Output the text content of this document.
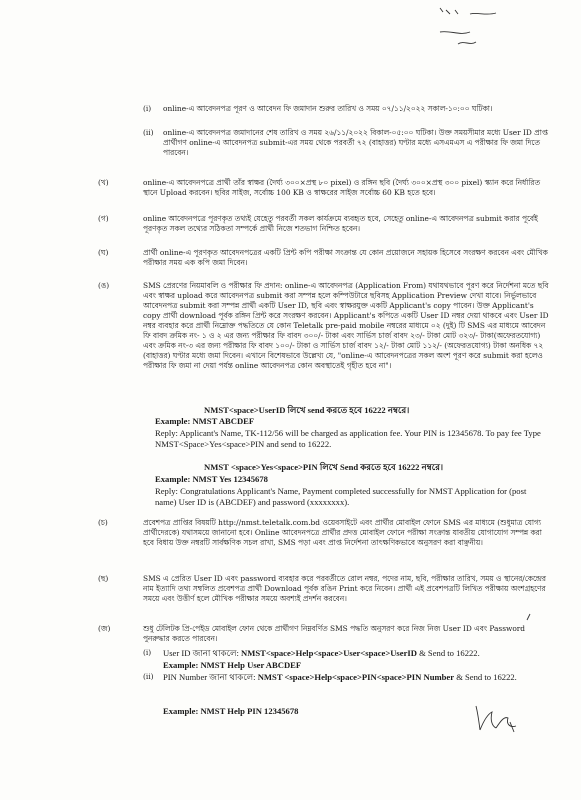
(i)	online-এ আবেদনপত্র পূরণ ও আবেদন ফি জমাদান শুরুর তারিখ ও সময় ০৭/১১/২০২২ সকাল-১০:০০ ঘটিকা।
(ii)	online-এ আবেদনপত্র জমাদানের শেষ তারিখ ও সময় ২৬/১১/২০২২ বিকাল-০৫:০০ ঘটিকা। উক্ত সময়সীমার মধ্যে User ID প্রাপ্ত প্রার্থীগণ online-এ আবেদনপত্র submit-এর সময় থেকে পরবর্তী ৭২ (বাহাত্তর) ঘণ্টার মধ্যে এসএমএস এ পরীক্ষার ফি জমা দিতে পারবেন।
(খ)	online-এ আবেদনপত্রে প্রার্থী তাঁর স্বাক্ষর (দৈর্ঘ্য ৩০০×প্রস্থ ৮০ pixel) ও রঙ্গিন ছবি (দৈর্ঘ্য ৩০০×প্রস্থ ৩০০ pixel) স্ক্যান করে নির্ধারিত স্থানে Upload করবেন। ছবির সাইজ, সর্বোচ্চ 100 KB ও স্বাক্ষরের সাইজ সর্বোচ্চ 60 KB হতে হবে।
(গ)	online আবেদনপত্রে পূরণকৃত তথ্যই যেহেতু পরবর্তী সকল কার্যক্রমে ব্যবহৃত হবে, সেহেতু online-এ আবেদনপত্র submit করার পূর্বেই পূরণকৃত সকল তথ্যের সঠিকতা সম্পর্কে প্রার্থী নিজে শতভাগ নিশ্চিত হবেন।
(ঘ)	প্রার্থী online-এ পূরণকৃত আবেদনপত্রের একটি প্রিন্ট কপি পরীক্ষা সংক্রান্ত যে কোন প্রয়োজনে সহায়ক হিসেবে সংরক্ষণ করবেন এবং মৌখিক পরীক্ষার সময় এক কপি জমা দিবেন।
(ঙ)	SMS প্রেরণের নিয়মাবলি ও পরীক্ষার ফি প্রদান: online-এ আবেদনপত্র (Application From) যথাযথভাবে পূরণ করে নির্দেশনা মতে ছবি এবং স্বাক্ষর upload করে আবেদনপত্র submit করা সম্পন্ন হলে কম্পিউটারে ছবিসহ Application Preview দেখা যাবে। নির্ভুলভাবে আবেদনপত্র submit করা সম্পন্ন প্রার্থী একটি User ID, ছবি এবং স্বাক্ষরযুক্ত একটি Applicant's copy পাবেন। উক্ত Applicant's copy প্রার্থী download পূর্বক রঙ্গিন প্রিন্ট করে সংরক্ষণ করবেন। Applicant's কপিতে একটি User ID নম্বর দেয়া থাকবে এবং User ID নম্বর ব্যবহার করে প্রার্থী নিম্নোক্ত পদ্ধতিতে যে কোন Teletalk pre-paid mobile নম্বরের মাধ্যমে ০২ (দুই) টি SMS এর মাধ্যমে আবেদন ফি বাবদ ক্রমিক নং- ১ ও ২ এর জন্য পরীক্ষার ফি বাবদ ৩০০/- টাকা এবং সার্ভিস চার্জ বাবদ ২৩/- টাকা মোট ৩২৩/- টাকা(অফেরতযোগ্য) এবং ক্রমিক নং-৩ এর জন্য পরীক্ষার ফি বাবদ ১০০/- টাকা ও সার্ভিস চার্জ বাবদ ১২/- টাকা মোট ১১২/- (অফেরতযোগ্য) টাকা অনধিক ৭২ (বাহাত্তর) ঘণ্টার মধ্যে জমা দিবেন। এখানে বিশেষভাবে উল্লেখ্য যে, "online-এ আবেদনপত্রের সকল অংশ পূরণ করে submit করা হলেও পরীক্ষার ফি জমা না দেয়া পর্যন্ত online আবেদনপত্র কোন অবস্থাতেই গৃহীত হবে না"।
NMST<space>UserID লিখে send করতে হবে 16222 নম্বরে।
Example: NMST ABCDEF
Reply: Applicant's Name, TK-112/56 will be charged as application fee. Your PIN is 12345678. To pay fee Type NMST<Space>Yes<space>PIN and send to 16222.
NMST <space>Yes<space>PIN লিখে Send করতে হবে 16222 নম্বরে।
Example: NMST Yes 12345678
Reply: Congratulations Applicant's Name, Payment completed successfully for NMST Application for (post name) User ID is (ABCDEF) and password (xxxxxxxx).
(চ)	প্রবেশপত্র প্রাপ্তির বিষয়টি http://nmst.teletalk.com.bd ওয়েবসাইটে এবং প্রার্থীর মোবাইল ফোনে SMS এর মাধ্যমে (শুধুমাত্র যোগ্য প্রার্থীদেরকে) যথাসময়ে জানানো হবে। Online আবেদনপত্রে প্রার্থীর প্রদত্ত মোবাইল ফোনে পরীক্ষা সংক্রান্ত যাবতীয় যোগাযোগ সম্পন্ন করা হবে বিধায় উক্ত নম্বরটি সার্বক্ষণিক সচল রাখা, SMS পড়া এবং প্রাপ্ত নির্দেশনা তাৎক্ষণিকভাবে অনুসরণ করা বাঞ্ছনীয়।
(ছ)	SMS এ প্রেরিত User ID এবং password ব্যবহার করে পরবর্তীতে রোল নম্বর, পদের নাম, ছবি, পরীক্ষার তারিখ, সময় ও স্থানের/কেন্দ্রের নাম ইত্যাদি তথ্য সম্বলিত প্রবেশপত্র প্রার্থী Download পূর্বক রঙিন Print করে নিবেন। প্রার্থী এই প্রবেশপত্রটি লিখিত পরীক্ষায় অংশগ্রহণের সময়ে এবং উত্তীর্ণ হলে মৌখিক পরীক্ষার সময়ে অবশ্যই প্রদর্শন করবেন।
(জ)	শুধু টেলিটক প্রি-পেইড মোবাইল ফোন থেকে প্রার্থীগণ নিম্নবর্ণিত SMS পদ্ধতি অনুসরণ করে নিজ নিজ User ID এবং Password পুনরুদ্ধার করতে পারবেন।
(i)	User ID জানা থাকলে: NMST<space>Help<space>User<space>UserID & Send to 16222.
Example: NMST Help User ABCDEF
(ii)	PIN Number জানা থাকলে: NMST <space>Help<space>PIN<space>PIN Number & Send to 16222.
Example: NMST Help PIN 12345678
